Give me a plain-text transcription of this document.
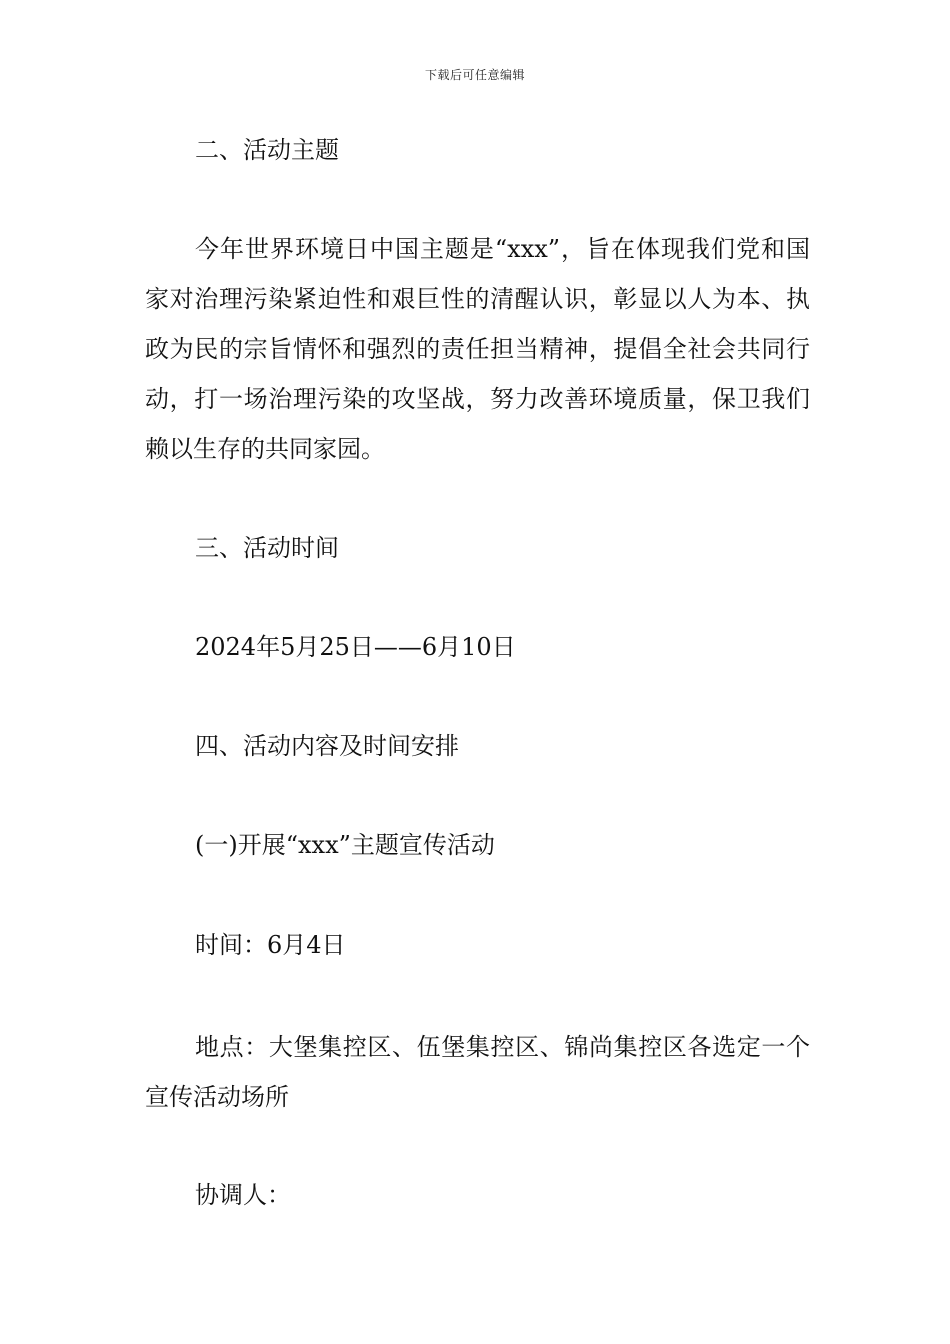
下载后可任意编辑
二、活动主题
今年世界环境日中国主题是“xxx”，旨在体现我们党和国家对治理污染紧迫性和艰巨性的清醒认识，彰显以人为本、执政为民的宗旨情怀和强烈的责任担当精神，提倡全社会共同行动，打一场治理污染的攻坚战，努力改善环境质量，保卫我们赖以生存的共同家园。
三、活动时间
2024年5月25日——6月10日
四、活动内容及时间安排
(一)开展“xxx”主题宣传活动
时间：6月4日
地点：大堡集控区、伍堡集控区、锦尚集控区各选定一个宣传活动场所
协调人：
